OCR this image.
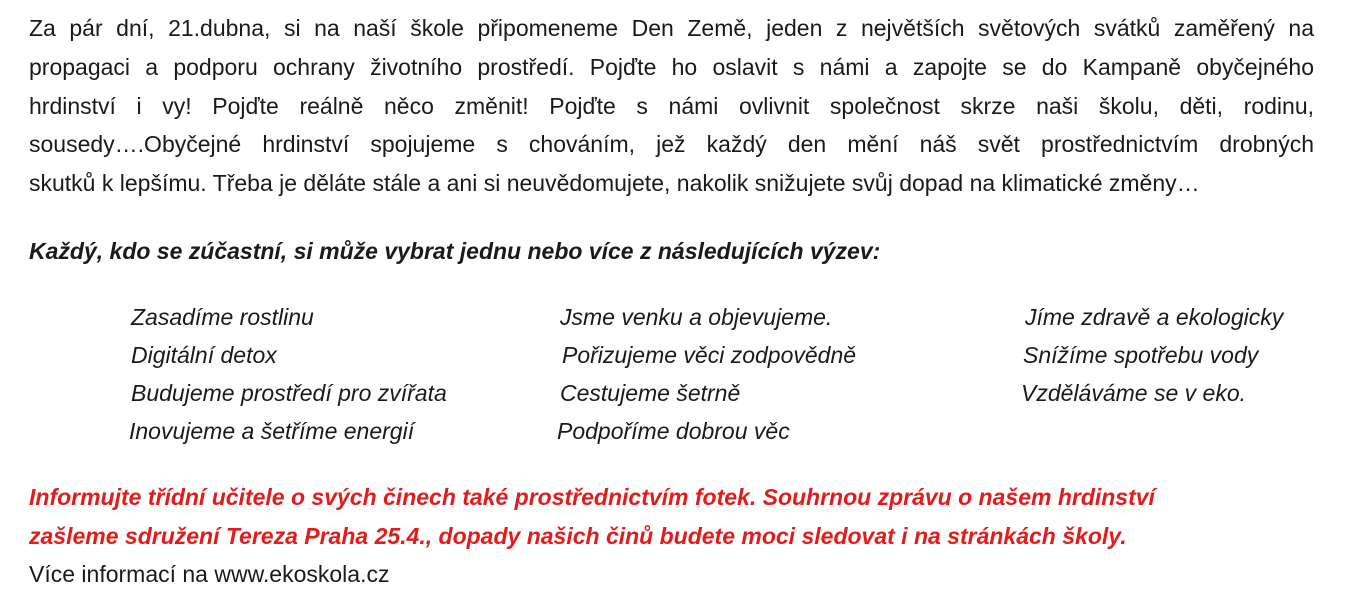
Za pár dní, 21.dubna, si na naší škole připomeneme Den Země, jeden z největších světových svátků zaměřený na
propagaci a podporu ochrany životního prostředí. Pojďte ho oslavit s námi a zapojte se do Kampaně obyčejného
hrdinství i vy! Pojďte reálně něco změnit! Pojďte s námi ovlivnit společnost skrze naši školu, děti, rodinu,
sousedy….Obyčejné hrdinství spojujeme s chováním, jež každý den mění náš svět prostřednictvím drobných
skutků k lepšímu. Třeba je děláte stále a ani si neuvědomujete, nakolik snižujete svůj dopad na klimatické změny…

Každý, kdo se zúčastní, si může vybrat jednu nebo více z následujících výzev:

Zasadíme rostlinu
Digitální detox
Budujeme prostředí pro zvířata
Inovujeme a šetříme energií
Jsme venku a objevujeme.
Pořizujeme věci zodpovědně
Cestujeme šetrně
Podpoříme dobrou věc
Jíme zdravě a ekologicky
Snížíme spotřebu vody
Vzděláváme se v eko.
Informujte třídní učitele o svých činech také prostřednictvím fotek. Souhrnou zprávu o našem hrdinství
zašleme sdružení Tereza Praha 25.4., dopady našich činů budete moci sledovat i na stránkách školy.

Více informací na www.ekoskola.cz
